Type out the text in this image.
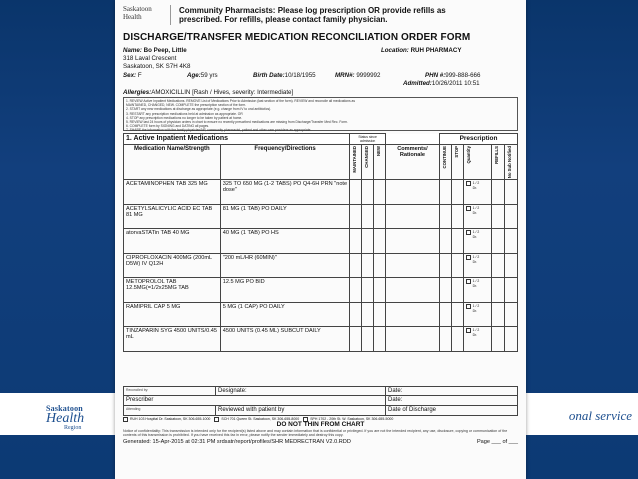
Saskatoon
Health
Region
onal service
Saskatoon Health
Community Pharmacists: Please log prescription OR provide refills as
prescribed. For refills, please contact family physician.
DISCHARGE/TRANSFER MEDICATION RECONCILIATION ORDER FORM
Name: Bo Peep, Little
318 Laval Crescent
Saskatoon, SK S7H 4K8
Sex: F	Age:59 yrs	Birth Date:10/18/1955	MRN#: 9999992
Location: RUH PHARMACY
PHN #:999-888-666
Admitted:10/26/2011 10:51
Allergies:AMOXICILLIN [Rash / Hives, severity: Intermediate]
1. REVIEW Active Inpatient Medications. REMOVE List of Medications Prior to Admission (last section of the form). REVIEW and reconcile all medications as
MAINTAINED, CHANGED, NEW. COMPLETE the prescription section of the form.
2. START any new medications at discharge as appropriate (e.g. change from IV to oral antibiotics).
3. RESTART any prescription medications held at admission as appropriate. OR
4. STOP any prescription medications no longer to be taken by patient at home.
5. REVIEW last 24 hours of physician orders in chart to ensure no recently prescribed medications are missing from Discharge/Transfer Med Rec. Form.
6. COMPLETE form by SIGNING and DATING all pages.
7. SHARE the information with the family physician/NP, community pharmacist, patient and other care providers as appropriate.
1. Active Inpatient Medications		Status since admission				Prescription				
Medication Name/Strength	Frequency/Directions	MAINTAINED	CHANGED	NEW	Comments/ Rationale	CONTINUE	STOP	Quantity	REFILLS	No Sub Notified

ACETAMINOPHEN TAB 325 MG	325 TO 650 MG (1-2 TABS) PO Q4-6H PRN "note dose"							1 / 2
Dr.		
ACETYLSALICYLIC ACID EC TAB 81 MG	81 MG (1 TAB) PO DAILY							1 / 2
Dr.		
atorvaSTATin TAB 40 MG	40 MG (1 TAB) PO HS							1 / 2
Dr.		
CIPROFLOXACIN 400MG (200mL D5W) IV Q12H	"200 mL/HR (60MIN)"							1 / 2
Dr.		
METOPROLOL TAB 12.5MG(=1/2x25MG TAB	12.5 MG PO BID							1 / 2
Dr.		
RAMIPRIL CAP 5 MG	5 MG (1 CAP) PO DAILY							1 / 2
Dr.		
TINZAPARIN SYG 4500 UNITS/0.45 mL	4500 UNITS (0.45 ML) SUBCUT DAILY							1 / 2
Dr.		
Reconciled by:	Designate:	Date:
Prescriber	Date:
Attending	Reviewed with patient by	Date of Discharge
RUH 103 Hospital Dr. Saskatoon, SK 306-655-1000	SCH 701 Queen St. Saskatoon, SK 306-655-8000	SPH 1702 - 20th St. W. Saskatoon, SK 306-655-5000
DO NOT THIN FROM CHART
Notice of confidentiality: This transmission is intended only for the recipient(s) listed above and may contain information that is confidential or privileged. If you are not the intended recipient, any use, disclosure, copying or communication of the contents of this transmission is prohibited. If you have received this fax in error, please notify the sender immediately and destroy this copy.
Generated: 15-Apr-2015 at 02:31 PM srdsatr/report/profiles/SHR MEDRECTRAN V2.0.RDD	Page ___ of ___
